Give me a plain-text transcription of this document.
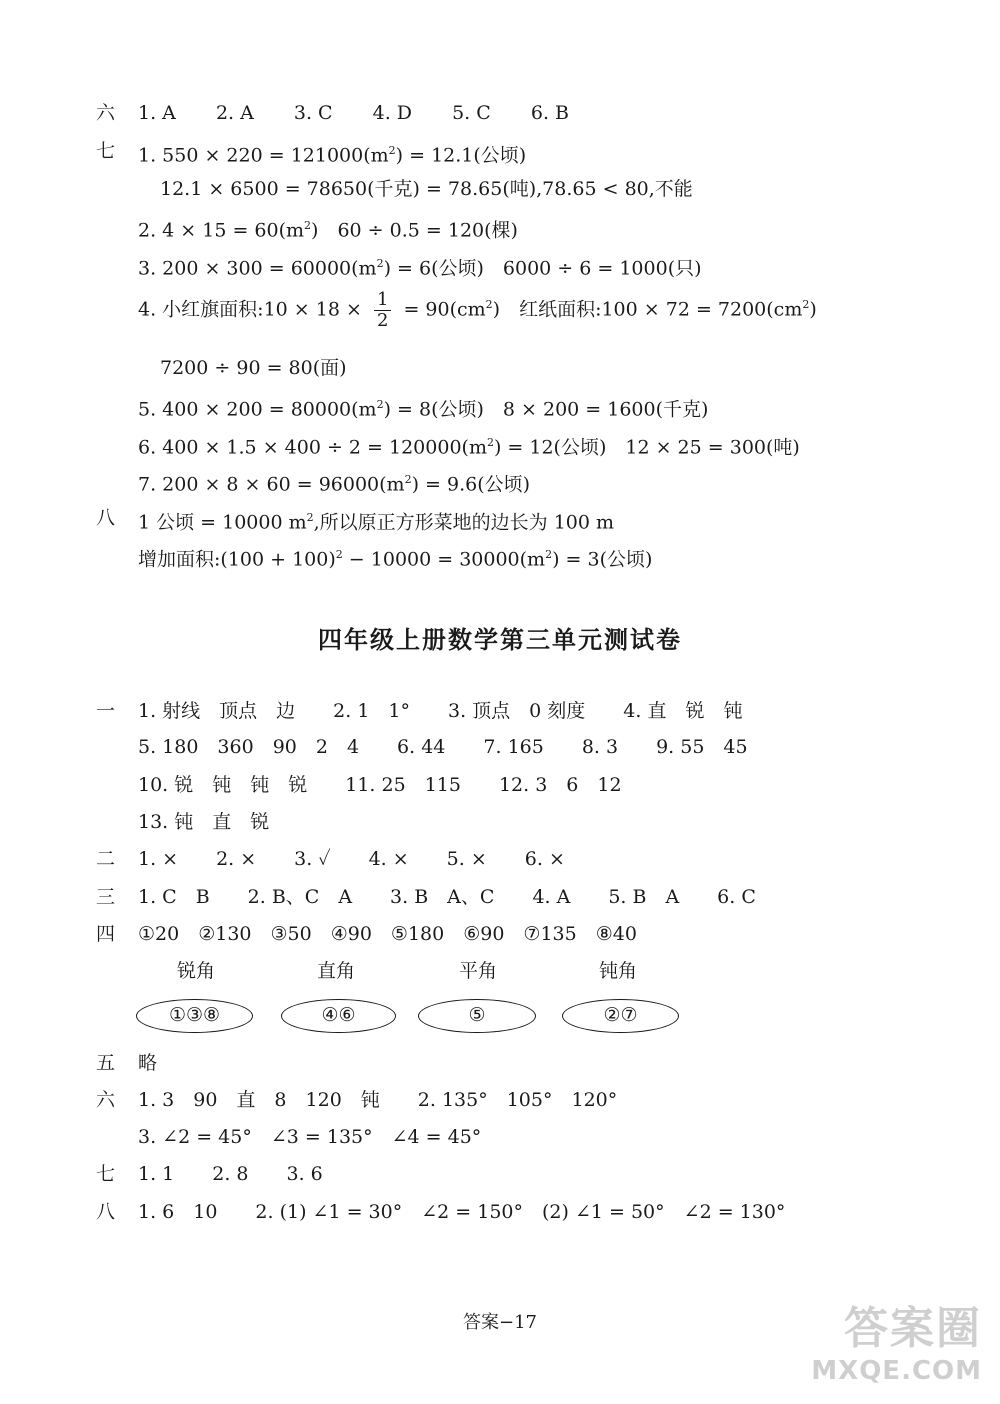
六 1. A 2. A 3. C 4. D 5. C 6. B
七 1. $550 \times 220 = 121000(m^2) = 12.1$(公顷)
12.1 × 6500 = 78650(千克) = 78.65(吨),78.65 < 80,不能
2. $4 \times 15 = 60(m^2)$　60 ÷ 0.5 = 120(棵)
3. $200 \times 300 = 60000(m^2) = 6$(公顷)　6000 ÷ 6 = 1000(只)
4. 小红旗面积:10 × $18 \times \frac{1}{2} = 90(cm^2)$　红纸面积:100 × $72 = 7200(cm^2)$
7200 ÷ 90 = 80(面)
5. $400 \times 200 = 80000(m^2) = 8$(公顷)　8 × 200 = 1600(千克)
6. $400 \times 1.5 \times 400 \div 2 = 120000(m^2) = 12$(公顷)　12 × 25 = 300(吨)
7. $200 \times 8 \times 60 = 96000(m^2) = 9.6$(公顷)
八 1 公顷 = 10000 $m^2$,所以原正方形菜地的边长为 100 m
增加面积:(100 + $100)^2 - 10000 = 30000(m^2) = 3$(公顷)
四年级上册数学第三单元测试卷
一 1. 射线　顶点　边　　2. 1　1°　　3. 顶点　0 刻度　　4. 直　锐　钝
5. 180　360　90　2　4　　6. 44　　7. 165　　8. 3　　9. 55　45
10. 锐　钝　钝　锐　　11. 25　115　　12. 3　6　12
13. 钝　直　锐
二 1. ×　　2. ×　　3. ✓　　4. ×　　5. ×　　6. ×
三 1. C　B　　2. B、C　A　　3. B　A、C　　4. A　　5. B　A　　6. C
四 ①20　②130　③50　④90　⑤180　⑥90　⑦135　⑧40
锐角	直角	平角	钝角
①③⑧	④⑥	⑤	②⑦
五 略
六 1. 3　90　直　8　120　钝　　2. 135°　105°　120°
3. ∠2 = 45°　∠3 = 135°　∠4 = 45°
七 1. 1　　2. 8　　3. 6
八 1. 6　10　　2. (1) ∠1 = 30°　∠2 = 150°　(2) ∠1 = 50°　∠2 = 130°
答案−17	答案圈
MXQE.COM
